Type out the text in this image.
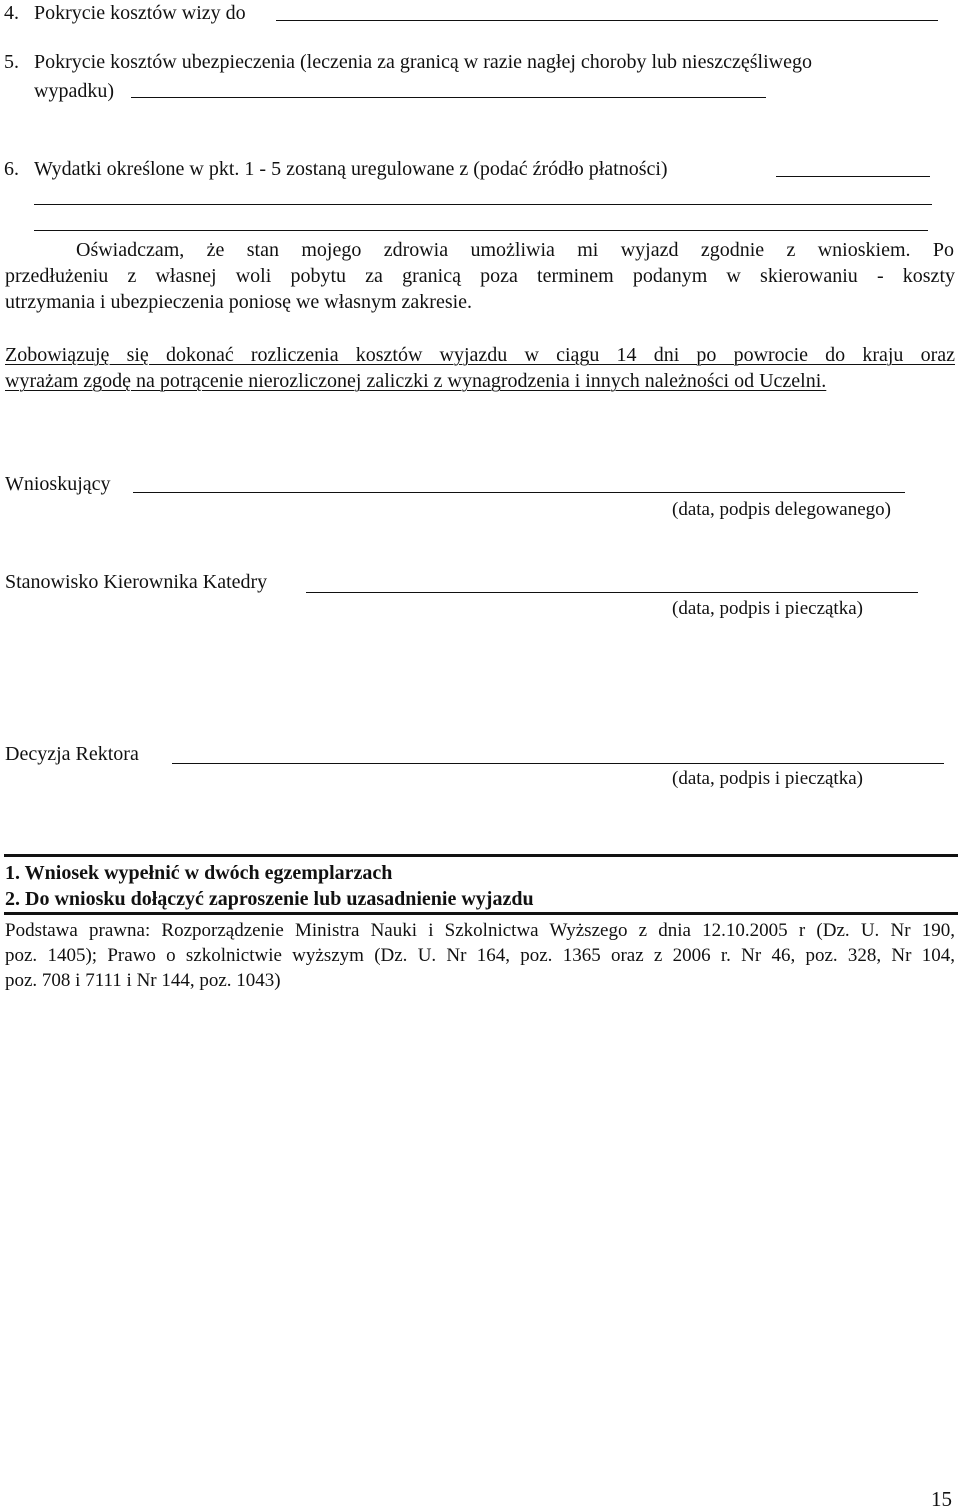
4. Pokrycie kosztów wizy do
5. Pokrycie kosztów ubezpieczenia (leczenia za granicą w razie nagłej choroby lub nieszczęśliwego
wypadku)
6. Wydatki określone w pkt. 1 - 5 zostaną uregulowane z (podać źródło płatności)
Oświadczam, że stan mojego zdrowia umożliwia mi wyjazd zgodnie z wnioskiem. Po
przedłużeniu z własnej woli pobytu za granicą poza terminem podanym w skierowaniu - koszty
utrzymania i ubezpieczenia poniosę we własnym zakresie.
Zobowiązuję się dokonać rozliczenia kosztów wyjazdu w ciągu 14 dni po powrocie do kraju oraz
wyrażam zgodę na potrącenie nierozliczonej zaliczki z wynagrodzenia i innych należności od Uczelni.
Wnioskujący
(data, podpis delegowanego)
Stanowisko Kierownika Katedry
(data, podpis i pieczątka)
Decyzja Rektora
(data, podpis i pieczątka)
1. Wniosek wypełnić w dwóch egzemplarzach
2. Do wniosku dołączyć zaproszenie lub uzasadnienie wyjazdu
Podstawa prawna: Rozporządzenie Ministra Nauki i Szkolnictwa Wyższego z dnia 12.10.2005 r (Dz. U. Nr 190,
poz. 1405); Prawo o szkolnictwie wyższym (Dz. U. Nr 164, poz. 1365 oraz z 2006 r. Nr 46, poz. 328, Nr 104,
poz. 708 i 7111 i Nr 144, poz. 1043)
15
